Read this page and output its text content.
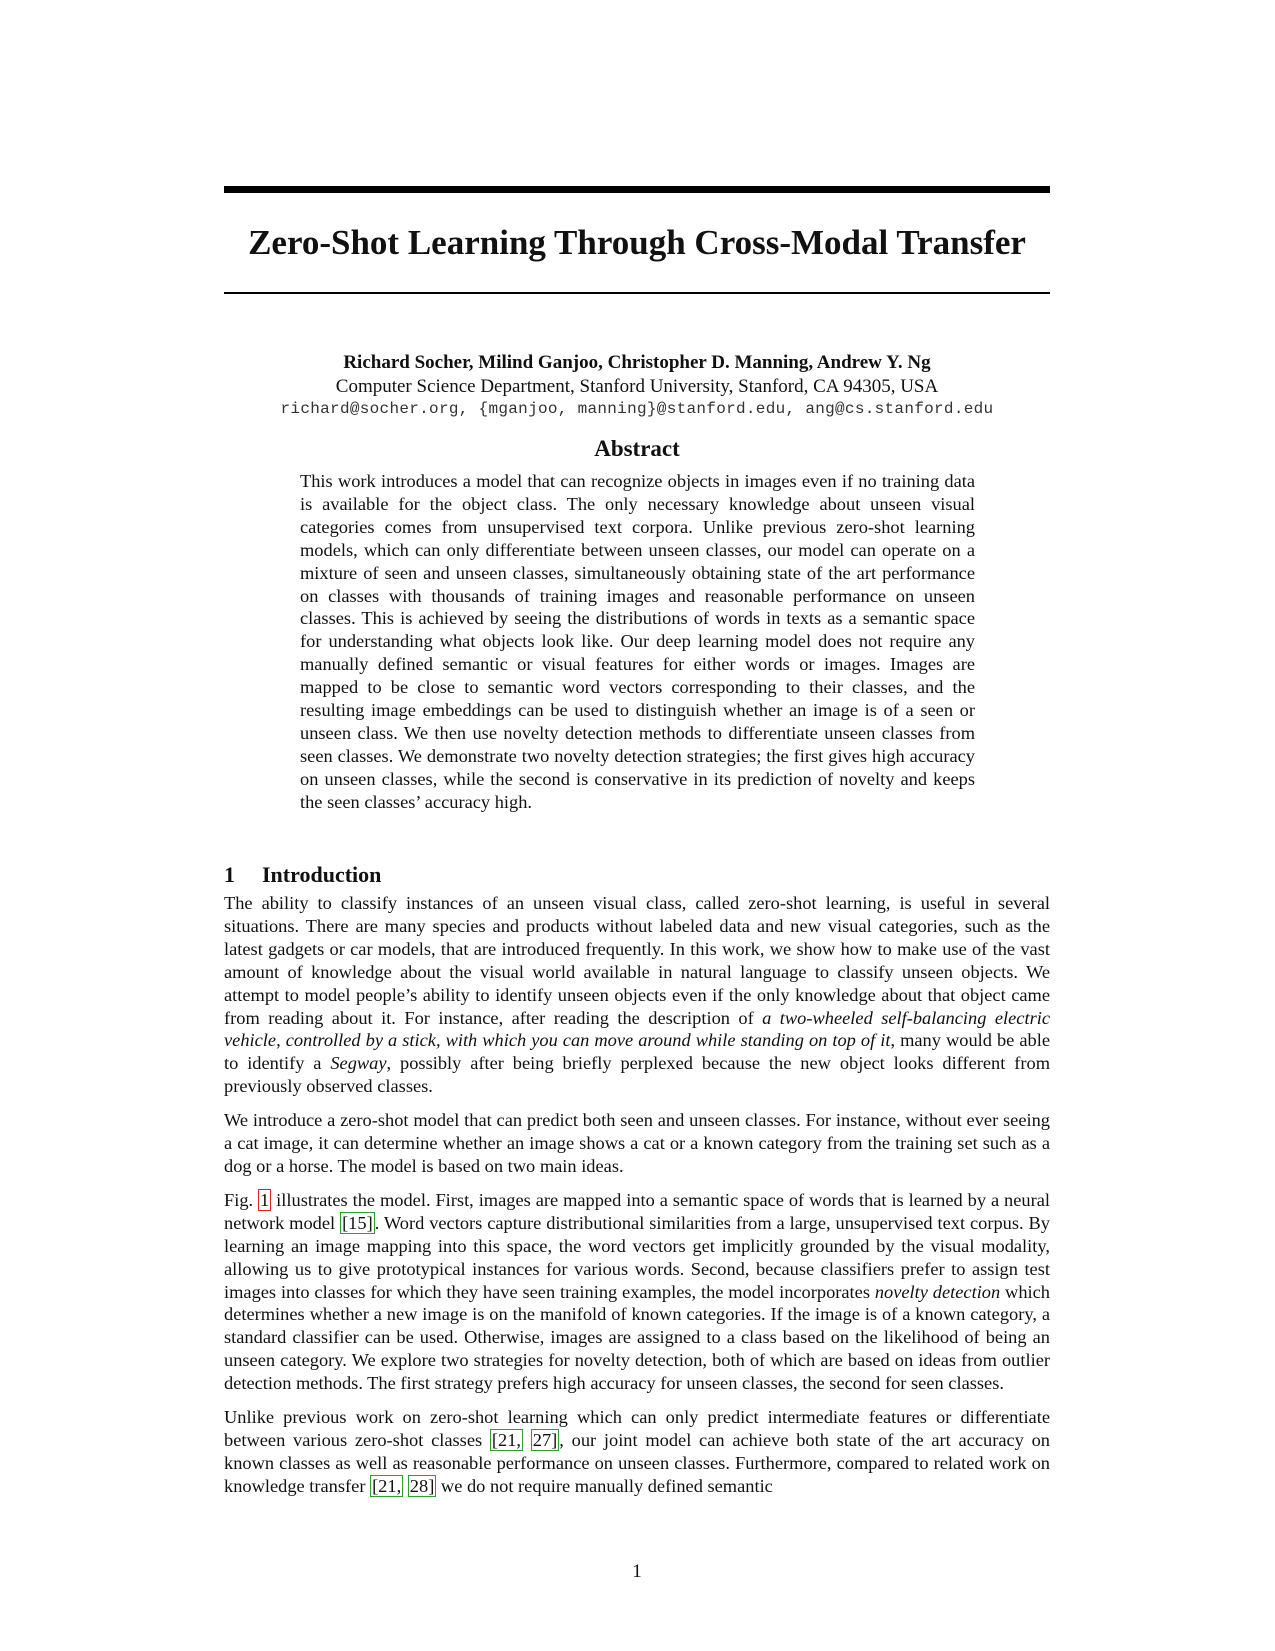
Zero-Shot Learning Through Cross-Modal Transfer
Richard Socher, Milind Ganjoo, Christopher D. Manning, Andrew Y. Ng
Computer Science Department, Stanford University, Stanford, CA 94305, USA
richard@socher.org, {mganjoo, manning}@stanford.edu, ang@cs.stanford.edu
Abstract

This work introduces a model that can recognize objects in images even if no training data is available for the object class. The only necessary knowledge about unseen visual categories comes from unsupervised text corpora. Unlike previous zero-shot learning models, which can only differentiate between unseen classes, our model can operate on a mixture of seen and unseen classes, simultaneously obtaining state of the art performance on classes with thousands of training images and reasonable performance on unseen classes. This is achieved by seeing the distributions of words in texts as a semantic space for understanding what objects look like. Our deep learning model does not require any manually defined semantic or visual features for either words or images. Images are mapped to be close to semantic word vectors corresponding to their classes, and the resulting image embeddings can be used to distinguish whether an image is of a seen or unseen class. We then use novelty detection methods to differentiate unseen classes from seen classes. We demonstrate two novelty detection strategies; the first gives high accuracy on unseen classes, while the second is conservative in its prediction of novelty and keeps the seen classes’ accuracy high.

1 Introduction

The ability to classify instances of an unseen visual class, called zero-shot learning, is useful in several situations. There are many species and products without labeled data and new visual categories, such as the latest gadgets or car models, that are introduced frequently. In this work, we show how to make use of the vast amount of knowledge about the visual world available in natural language to classify unseen objects. We attempt to model people’s ability to identify unseen objects even if the only knowledge about that object came from reading about it. For instance, after reading the description of a two-wheeled self-balancing electric vehicle, controlled by a stick, with which you can move around while standing on top of it, many would be able to identify a Segway, possibly after being briefly perplexed because the new object looks different from previously observed classes.

We introduce a zero-shot model that can predict both seen and unseen classes. For instance, without ever seeing a cat image, it can determine whether an image shows a cat or a known category from the training set such as a dog or a horse. The model is based on two main ideas.

Fig. 1 illustrates the model. First, images are mapped into a semantic space of words that is learned by a neural network model [15] . Word vectors capture distributional similarities from a large, unsupervised text corpus. By learning an image mapping into this space, the word vectors get implicitly grounded by the visual modality, allowing us to give prototypical instances for various words. Second, because classifiers prefer to assign test images into classes for which they have seen training examples, the model incorporates novelty detection which determines whether a new image is on the manifold of known categories. If the image is of a known category, a standard classifier can be used. Otherwise, images are assigned to a class based on the likelihood of being an unseen category. We explore two strategies for novelty detection, both of which are based on ideas from outlier detection methods. The first strategy prefers high accuracy for unseen classes, the second for seen classes.

Unlike previous work on zero-shot learning which can only predict intermediate features or differentiate between various zero-shot classes [21, 27] , our joint model can achieve both state of the art accuracy on known classes as well as reasonable performance on unseen classes. Furthermore, compared to related work on knowledge transfer [21, 28] we do not require manually defined semantic

1
